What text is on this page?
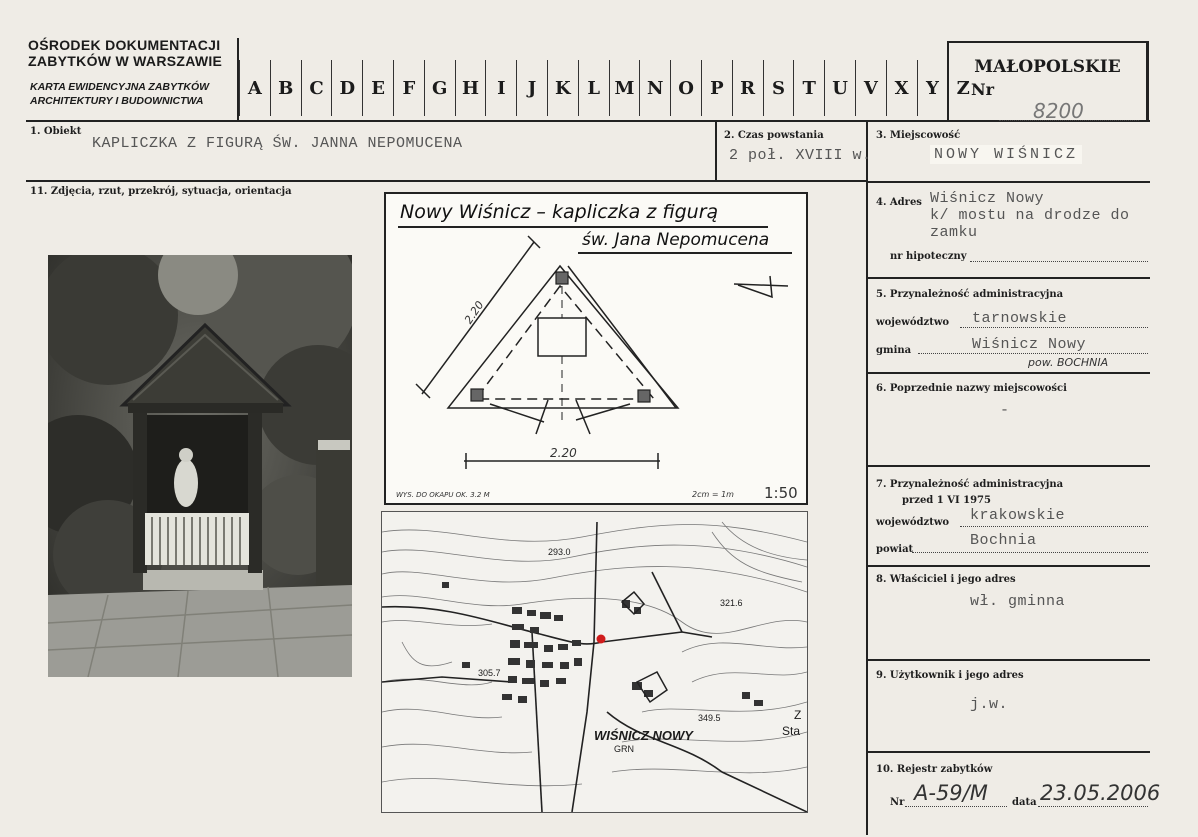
OŚRODEK DOKUMENTACJI
ZABYTKÓW W WARSZAWIE
KARTA EWIDENCYJNA ZABYTKÓW
ARCHITEKTURY I BUDOWNICTWA
A B C D E F G H	I	J	K L M N O P R S T U V X Y Z
MAŁOPOLSKIE
Nr
8200
1. Obiekt
KAPLICZKA Z FIGURĄ ŚW. JANNA NEPOMUCENA	2. Czas powstania
2 poł. XVIII w.
3. Miejscowość
NOWY WIŚNICZ
11. Zdjęcia, rzut, przekrój, sytuacja, orientacja
Nowy Wiśnicz – kapliczka z figurą
św. Jana Nepomucena
2.20
2.20
WYS. DO OKAPU OK. 3.2 M	2cm = 1m 1:50
293.0
321.6
305.7
349.5
WIŚNICZ NOWY
GRN
Z
Sta
4. Adres Wiśnicz Nowy
k/ mostu na drodze do
zamku
nr hipoteczny
5. Przynależność administracyjna
województwo tarnowskie
gmina	Wiśnicz Nowy
pow. BOCHNIA
6. Poprzednie nazwy miejscowości
-
7. Przynależność administracyjna
przed 1 VI 1975
województwo krakowskie
powiat
Bochnia
8. Właściciel i jego adres
wł. gminna
9. Użytkownik i jego adres
j.w.
10. Rejestr zabytków
Nr A-59/M data 23.05.2006
